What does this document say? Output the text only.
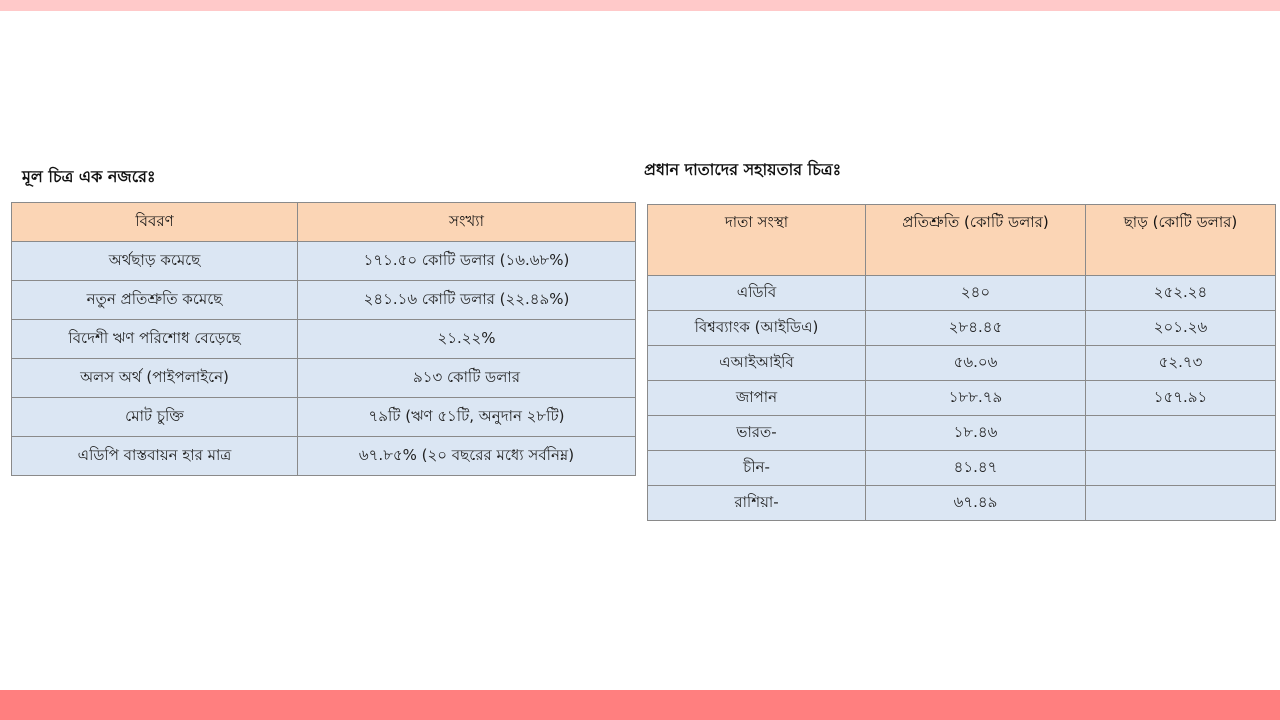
মূল চিত্র এক নজরেঃ
বিবরণ	সংখ্যা
অর্থছাড় কমেছে	১৭১.৫০ কোটি ডলার (১৬.৬৮%)
নতুন প্রতিশ্রুতি কমেছে	২৪১.১৬ কোটি ডলার (২২.৪৯%)
বিদেশী ঋণ পরিশোধ বেড়েছে	২১.২২%
অলস অর্থ (পাইপলাইনে)	৯১৩ কোটি ডলার
মোট চুক্তি	৭৯টি (ঋণ ৫১টি, অনুদান ২৮টি)
এডিপি বাস্তবায়ন হার মাত্র	৬৭.৮৫% (২০ বছরের মধ্যে সর্বনিম্ন)
প্রধান দাতাদের সহায়তার চিত্রঃ
দাতা সংস্থা	প্রতিশ্রুতি (কোটি ডলার)	ছাড় (কোটি ডলার)
এডিবি	২৪০	২৫২.২৪
বিশ্বব্যাংক (আইডিএ)	২৮৪.৪৫	২০১.২৬
এআইআইবি	৫৬.০৬	৫২.৭৩
জাপান	১৮৮.৭৯	১৫৭.৯১
ভারত-	১৮.৪৬	
চীন-	৪১.৪৭	
রাশিয়া-	৬৭.৪৯	
